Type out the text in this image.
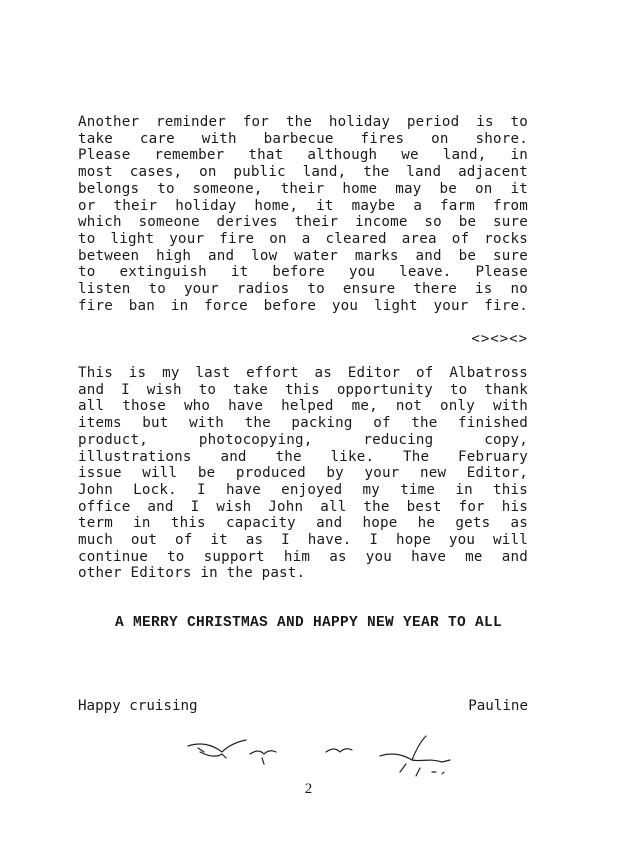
Another reminder for the holiday period is to
take care with barbecue fires on shore.
Please remember that although we land, in
most cases, on public land, the land adjacent
belongs to someone, their home may be on it
or their holiday home, it maybe a farm from
which someone derives their income so be sure
to light your fire on a cleared area of rocks
between high and low water marks and be sure
to extinguish it before you leave. Please
listen to your radios to ensure there is no
fire ban in force before you light your fire.
<><><>
This is my last effort as Editor of Albatross
and I wish to take this opportunity to thank
all those who have helped me, not only with
items but with the packing of the finished
product, photocopying, reducing copy,
illustrations and the like. The February
issue will be produced by your new Editor,
John Lock. I have enjoyed my time in this
office and I wish John all the best for his
term in this capacity and hope he gets as
much out of it as I have. I hope you will
continue to support him as you have me and
other Editors in the past.
A MERRY CHRISTMAS AND HAPPY NEW YEAR TO ALL
Happy cruising	Pauline
2
